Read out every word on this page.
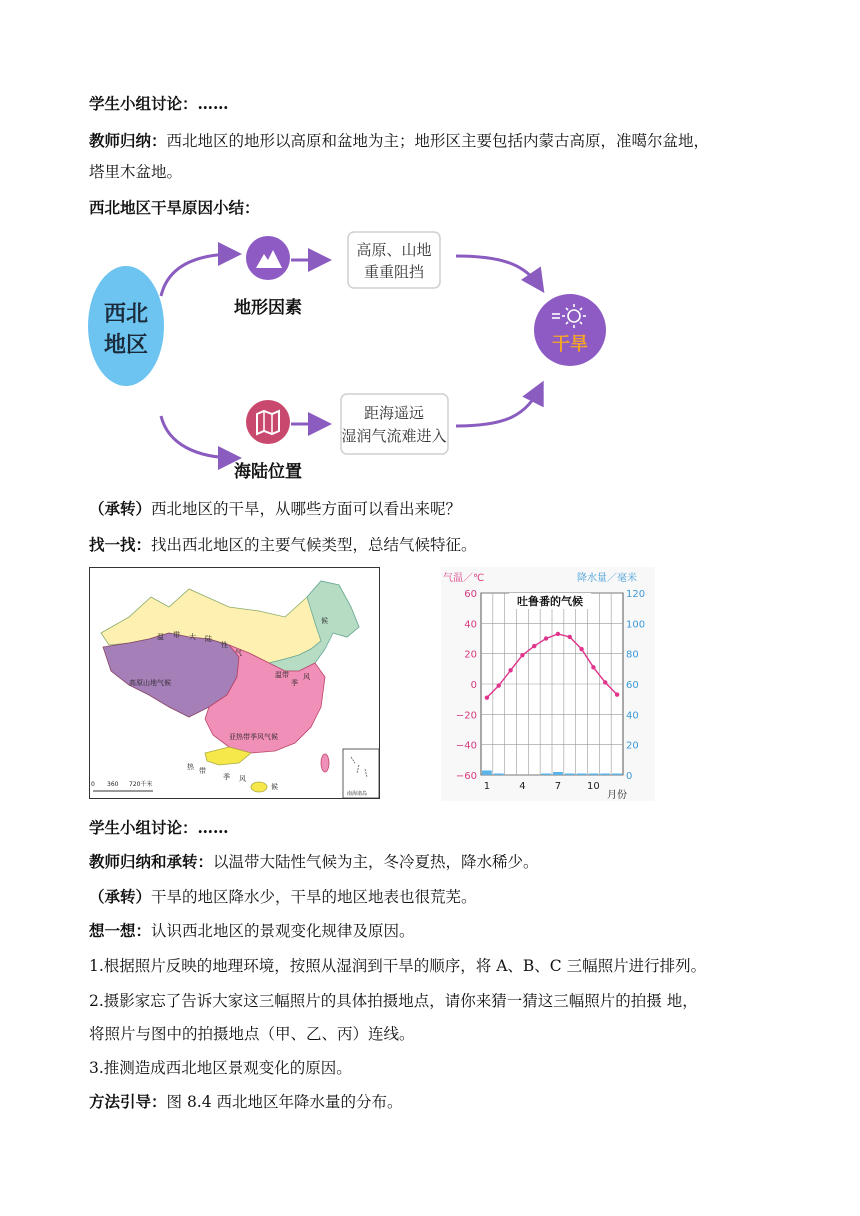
学生小组讨论：……
教师归纳：西北地区的地形以高原和盆地为主；地形区主要包括内蒙古高原，准噶尔盆地，
塔里木盆地。
西北地区干旱原因小结：
西北
地区
地形因素
海陆位置
高原、山地
重重阻挡
距海遥远
湿润气流难进入
干旱
（承转）西北地区的干旱，从哪些方面可以看出来呢？
找一找：找出西北地区的主要气候类型，总结气候特征。
温 带 大 陆
性
气
候
高原山地气候
温带
季
风
亚热带季风气候
热 带
季 风
候
0 360 720千米
南海诸岛
气温／℃	降水量／毫米
60
40
20
0
−20
−40
−60
120
100
80
60
40
20
0
1	4	7	10
吐鲁番的气候
月份
学生小组讨论：……
教师归纳和承转：以温带大陆性气候为主，冬冷夏热，降水稀少。
（承转）干旱的地区降水少，干旱的地区地表也很荒芜。
想一想：认识西北地区的景观变化规律及原因。
1.根据照片反映的地理环境，按照从湿润到干旱的顺序，将 A、B、C 三幅照片进行排列。
2.摄影家忘了告诉大家这三幅照片的具体拍摄地点，请你来猜一猜这三幅照片的拍摄 地，
将照片与图中的拍摄地点（甲、乙、丙）连线。
3.推测造成西北地区景观变化的原因。
方法引导：图 8.4 西北地区年降水量的分布。
